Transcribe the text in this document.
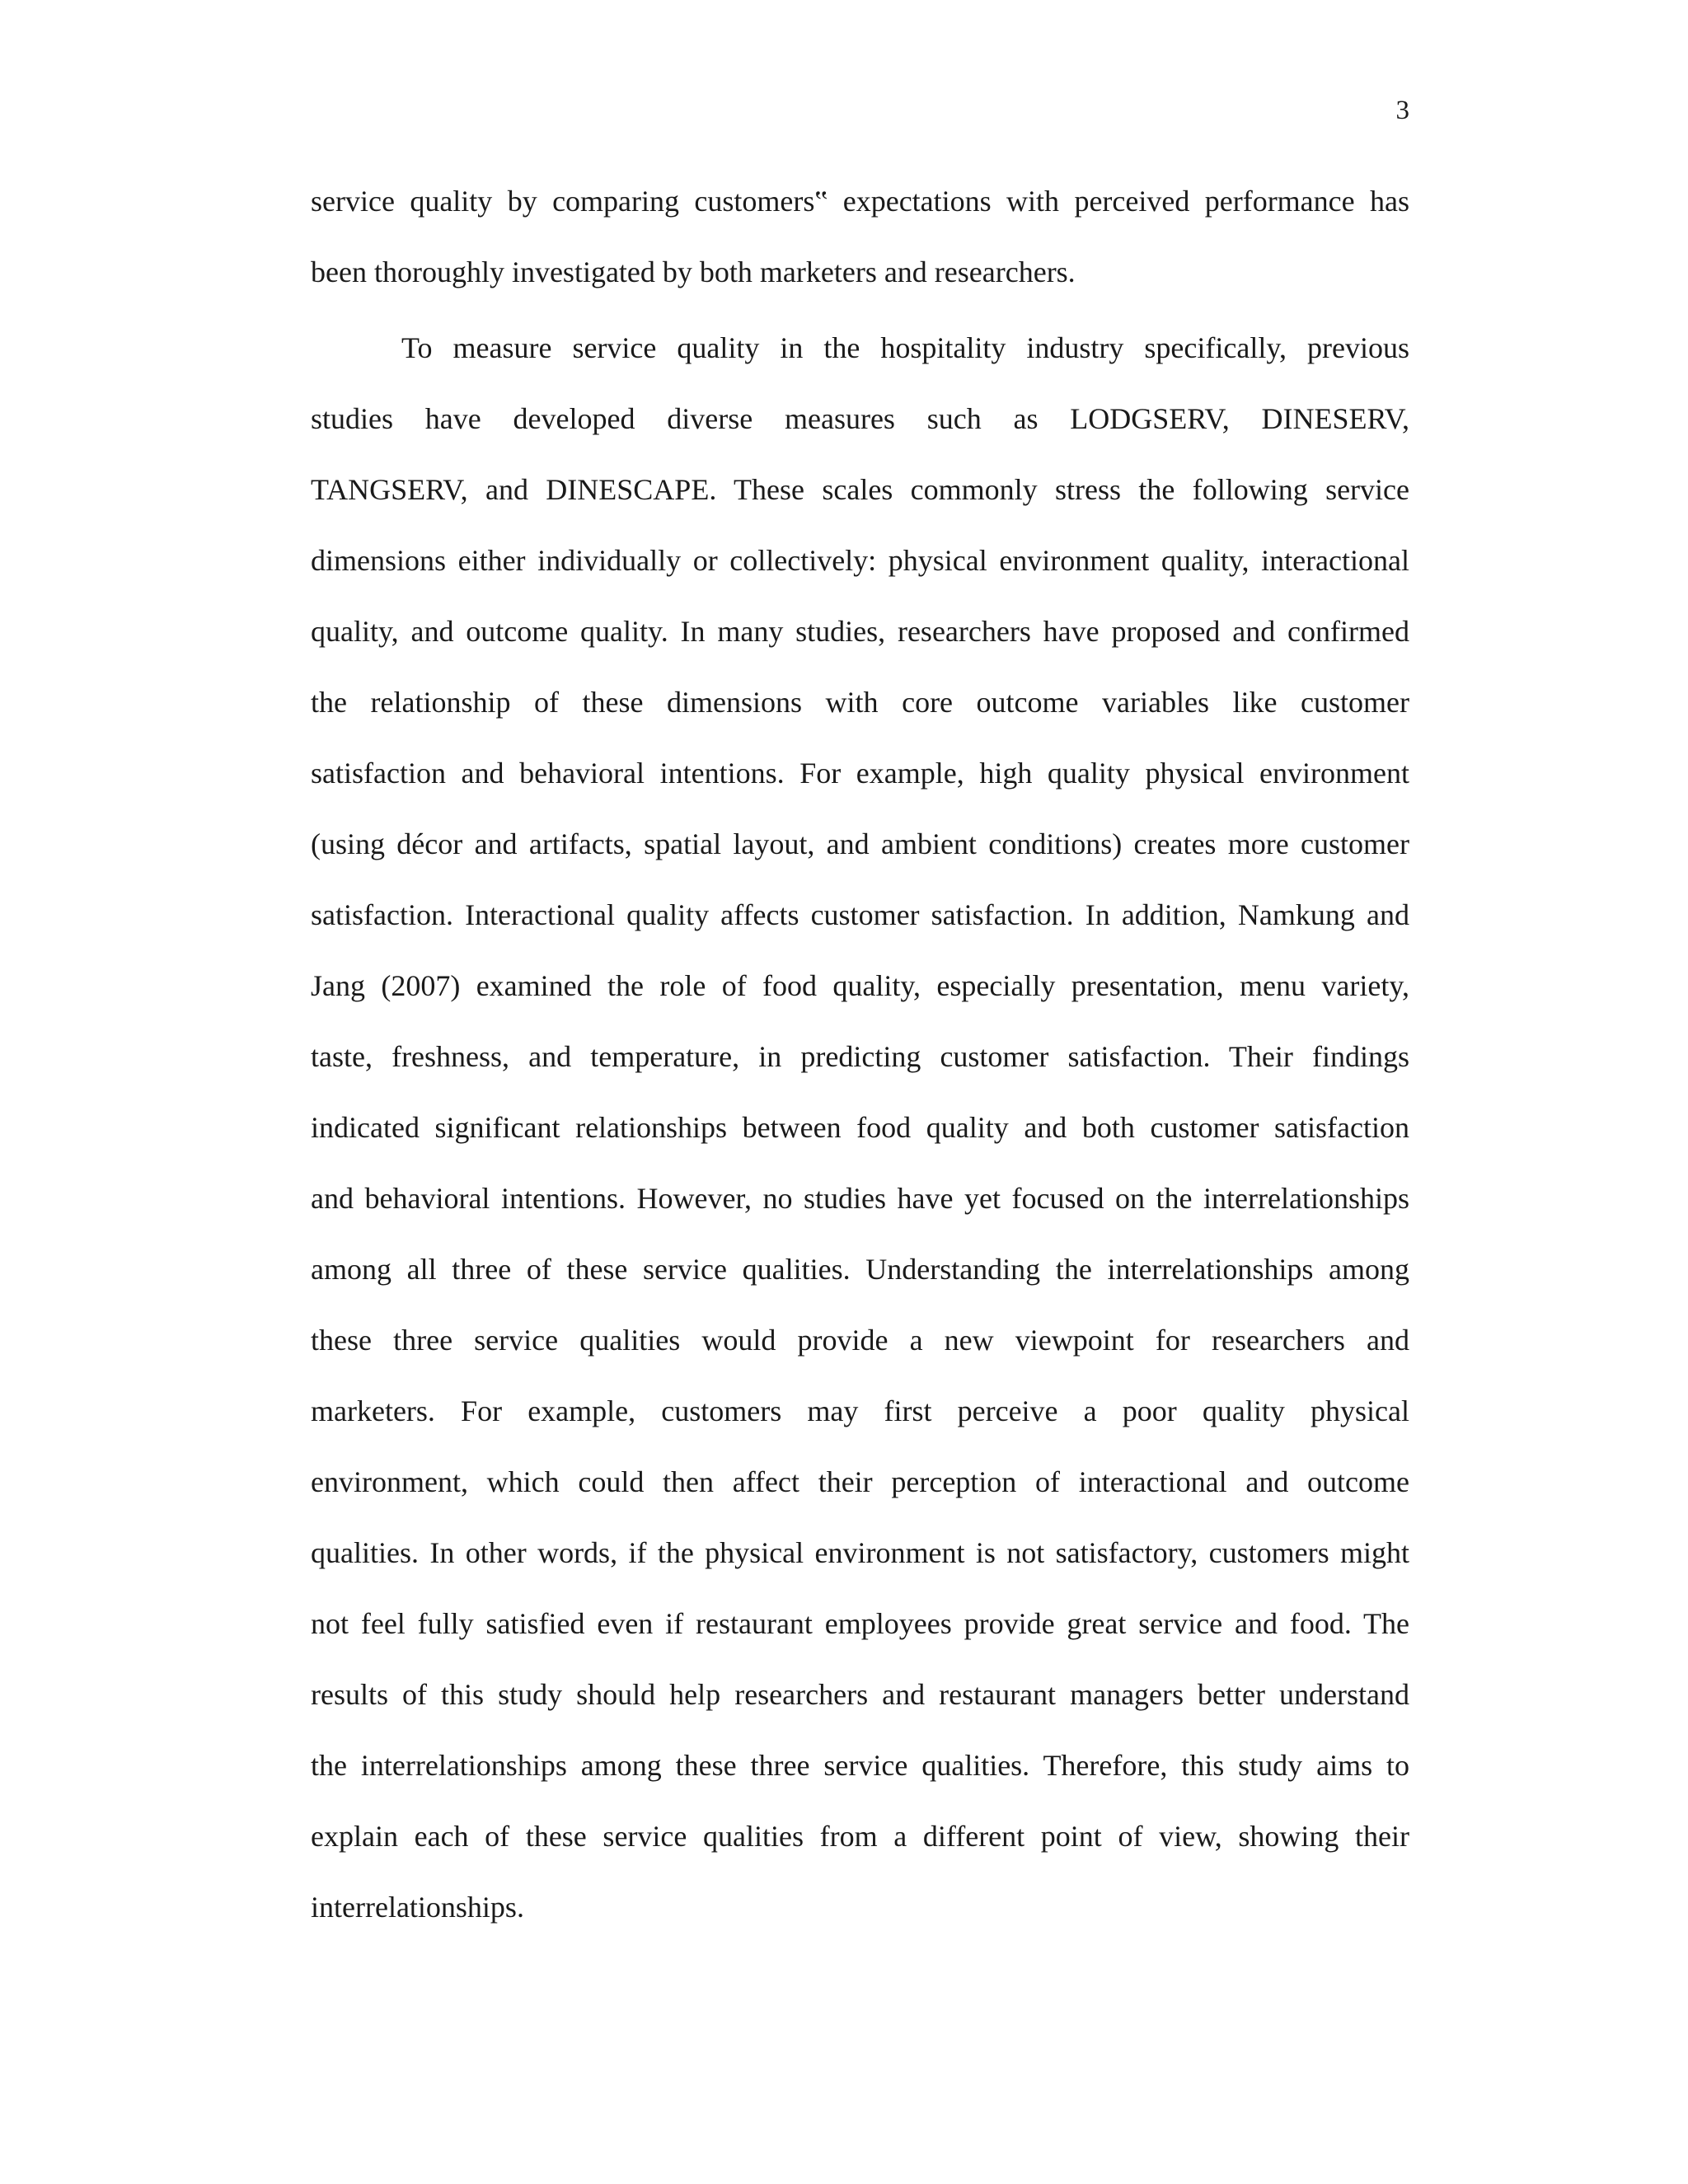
3
service quality by comparing customers‟ expectations with perceived performance has
been thoroughly investigated by both marketers and researchers.
To measure service quality in the hospitality industry specifically, previous
studies have developed diverse measures such as LODGSERV, DINESERV,
TANGSERV, and DINESCAPE. These scales commonly stress the following service
dimensions either individually or collectively: physical environment quality, interactional
quality, and outcome quality. In many studies, researchers have proposed and confirmed
the relationship of these dimensions with core outcome variables like customer
satisfaction and behavioral intentions. For example, high quality physical environment
(using décor and artifacts, spatial layout, and ambient conditions) creates more customer
satisfaction. Interactional quality affects customer satisfaction. In addition, Namkung and
Jang (2007) examined the role of food quality, especially presentation, menu variety,
taste, freshness, and temperature, in predicting customer satisfaction. Their findings
indicated significant relationships between food quality and both customer satisfaction
and behavioral intentions. However, no studies have yet focused on the interrelationships
among all three of these service qualities. Understanding the interrelationships among
these three service qualities would provide a new viewpoint for researchers and
marketers. For example, customers may first perceive a poor quality physical
environment, which could then affect their perception of interactional and outcome
qualities. In other words, if the physical environment is not satisfactory, customers might
not feel fully satisfied even if restaurant employees provide great service and food. The
results of this study should help researchers and restaurant managers better understand
the interrelationships among these three service qualities. Therefore, this study aims to
explain each of these service qualities from a different point of view, showing their
interrelationships.
